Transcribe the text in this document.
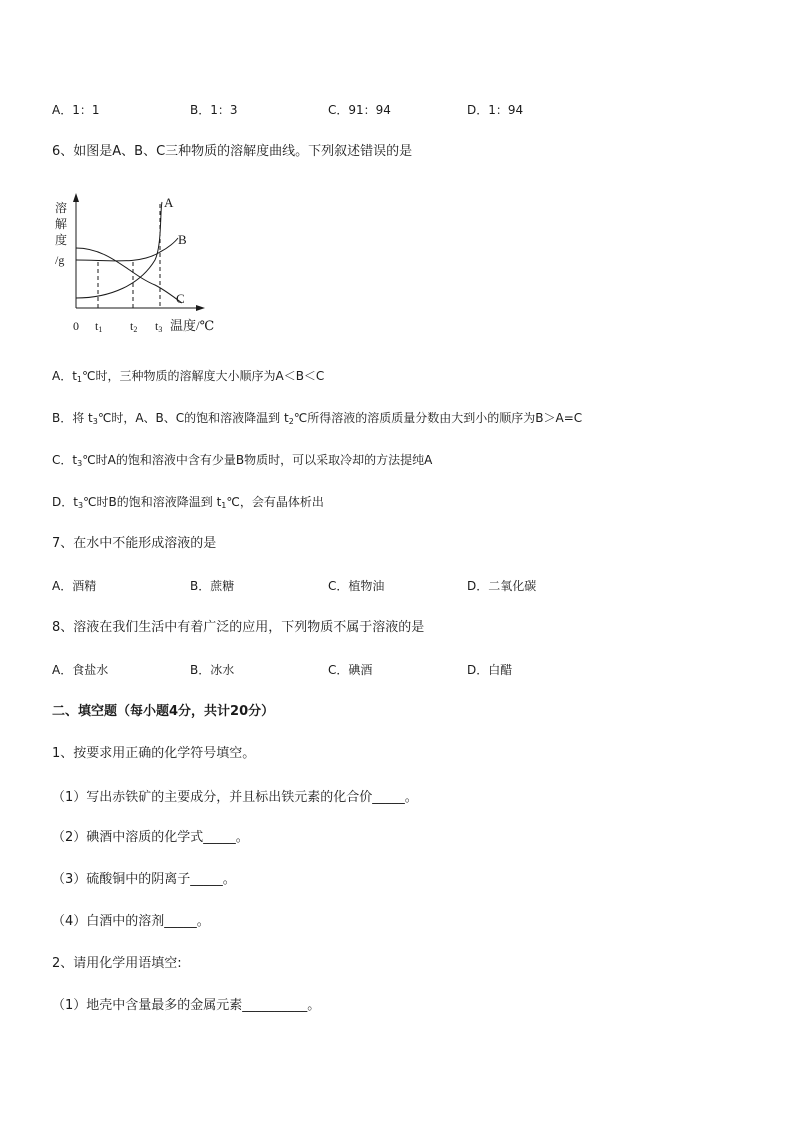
A．1：1	B．1：3	C．91：94	D．1：94
6、如图是A、B、C三种物质的溶解度曲线。下列叙述错误的是
溶
解
度
/g
A
B
C
0 t1 t2 t3 温度/℃
A．$t_1℃$时，三种物质的溶解度大小顺序为A＜B＜C
B．将 $t_3℃$时，A、B、C的饱和溶液降温到 $t_2℃$所得溶液的溶质质量分数由大到小的顺序为B＞A=C
C．$t_3℃$时A的饱和溶液中含有少量B物质时，可以采取冷却的方法提纯A
D．$t_3℃$时B的饱和溶液降温到 $t_1℃$，会有晶体析出
7、在水中不能形成溶液的是
A．酒精	B．蔗糖	C．植物油	D．二氧化碳
8、溶液在我们生活中有着广泛的应用，下列物质不属于溶液的是
A．食盐水	B．冰水	C．碘酒	D．白醋
二、填空题（每小题4分，共计20分）
1、按要求用正确的化学符号填空。
（1）写出赤铁矿的主要成分，并且标出铁元素的化合价_____。
（2）碘酒中溶质的化学式_____。
（3）硫酸铜中的阴离子_____。
（4）白酒中的溶剂_____。
2、请用化学用语填空:
（1）地壳中含量最多的金属元素__________。
